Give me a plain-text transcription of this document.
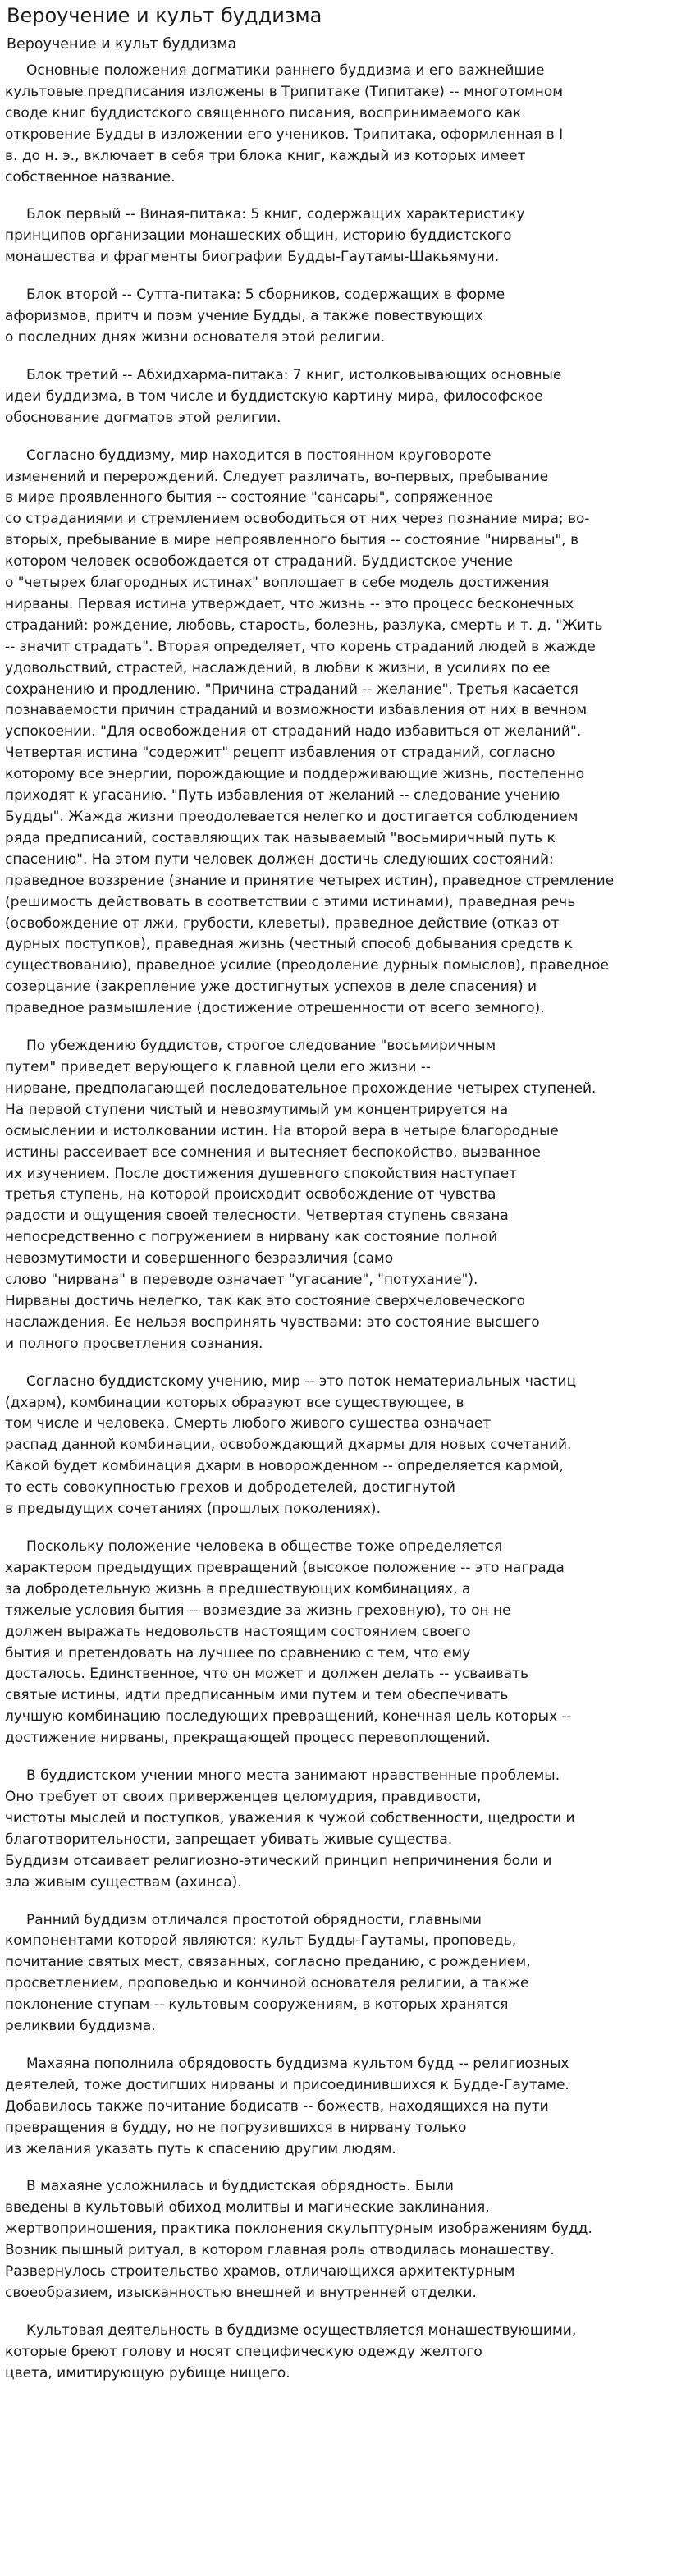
Вероучение и культ буддизма
Вероучение и культ буддизма

Основные положения догматики раннего буддизма и его важнейшие
культовые предписания изложены в Трипитаке (Типитаке) -- многотомном
своде книг буддистского священного писания, воспринимаемого как
откровение Будды в изложении его учеников. Трипитака, оформленная в I
в. до н. э., включает в себя три блока книг, каждый из которых имеет
собственное название.

Блок первый -- Виная-питака: 5 книг, содержащих характеристику
принципов организации монашеских общин, историю буддистского
монашества и фрагменты биографии Будды-Гаутамы-Шакьямуни.

Блок второй -- Сутта-питака: 5 сборников, содержащих в форме
афоризмов, притч и поэм учение Будды, а также повествующих
о последних днях жизни основателя этой религии.

Блок третий -- Абхидхарма-питака: 7 книг, истолковывающих основные
идеи буддизма, в том числе и буддистскую картину мира, философское
обоснование догматов этой религии.

Согласно буддизму, мир находится в постоянном круговороте
изменений и перерождений. Следует различать, во-первых, пребывание
в мире проявленного бытия -- состояние "сансары", сопряженное
со страданиями и стремлением освободиться от них через познание мира; во-
вторых, пребывание в мире непроявленного бытия -- состояние "нирваны", в
котором человек освобождается от страданий. Буддистское учение
о "четырех благородных истинах" воплощает в себе модель достижения
нирваны. Первая истина утверждает, что жизнь -- это процесс бесконечных
страданий: рождение, любовь, старость, болезнь, разлука, смерть и т. д. "Жить
-- значит страдать". Вторая определяет, что корень страданий людей в жажде
удовольствий, страстей, наслаждений, в любви к жизни, в усилиях по ее
сохранению и продлению. "Причина страданий -- желание". Третья касается
познаваемости причин страданий и возможности избавления от них в вечном
успокоении. "Для освобождения от страданий надо избавиться от желаний".
Четвертая истина "содержит" рецепт избавления от страданий, согласно
которому все энергии, порождающие и поддерживающие жизнь, постепенно
приходят к угасанию. "Путь избавления от желаний -- следование учению
Будды". Жажда жизни преодолевается нелегко и достигается соблюдением
ряда предписаний, составляющих так называемый "восьмиричный путь к
спасению". На этом пути человек должен достичь следующих состояний:
праведное воззрение (знание и принятие четырех истин), праведное стремление
(решимость действовать в соответствии с этими истинами), праведная речь
(освобождение от лжи, грубости, клеветы), праведное действие (отказ от
дурных поступков), праведная жизнь (честный способ добывания средств к
существованию), праведное усилие (преодоление дурных помыслов), праведное
созерцание (закрепление уже достигнутых успехов в деле спасения) и
праведное размышление (достижение отрешенности от всего земного).

По убеждению буддистов, строгое следование "восьмиричным
путем" приведет верующего к главной цели его жизни --
нирване, предполагающей последовательное прохождение четырех ступеней.
На первой ступени чистый и невозмутимый ум концентрируется на
осмыслении и истолковании истин. На второй вера в четыре благородные
истины рассеивает все сомнения и вытесняет беспокойство, вызванное
их изучением. После достижения душевного спокойствия наступает
третья ступень, на которой происходит освобождение от чувства
радости и ощущения своей телесности. Четвертая ступень связана
непосредственно с погружением в нирвану как состояние полной
невозмутимости и совершенного безразличия (само
слово "нирвана" в переводе означает "угасание", "потухание").
Нирваны достичь нелегко, так как это состояние сверхчеловеческого
наслаждения. Ее нельзя воспринять чувствами: это состояние высшего
и полного просветления сознания.

Согласно буддистскому учению, мир -- это поток нематериальных частиц
(дхарм), комбинации которых образуют все существующее, в
том числе и человека. Смерть любого живого существа означает
распад данной комбинации, освобождающий дхармы для новых сочетаний.
Какой будет комбинация дхарм в новорожденном -- определяется кармой,
то есть совокупностью грехов и добродетелей, достигнутой
в предыдущих сочетаниях (прошлых поколениях).

Поскольку положение человека в обществе тоже определяется
характером предыдущих превращений (высокое положение -- это награда
за добродетельную жизнь в предшествующих комбинациях, а
тяжелые условия бытия -- возмездие за жизнь греховную), то он не
должен выражать недовольств настоящим состоянием своего
бытия и претендовать на лучшее по сравнению с тем, что ему
досталось. Единственное, что он может и должен делать -- усваивать
святые истины, идти предписанным ими путем и тем обеспечивать
лучшую комбинацию последующих превращений, конечная цель которых --
достижение нирваны, прекращающей процесс перевоплощений.

В буддистском учении много места занимают нравственные проблемы.
Оно требует от своих приверженцев целомудрия, правдивости,
чистоты мыслей и поступков, уважения к чужой собственности, щедрости и
благотворительности, запрещает убивать живые существа.
Буддизм отсаивает религиозно-этический принцип непричинения боли и
зла живым существам (ахинса).

Ранний буддизм отличался простотой обрядности, главными
компонентами которой являются: культ Будды-Гаутамы, проповедь,
почитание святых мест, связанных, согласно преданию, с рождением,
просветлением, проповедью и кончиной основателя религии, а также
поклонение ступам -- культовым сооружениям, в которых хранятся
реликвии буддизма.

Махаяна пополнила обрядовость буддизма культом будд -- религиозных
деятелей, тоже достигших нирваны и присоединившихся к Будде-Гаутаме.
Добавилось также почитание бодисатв -- божеств, находящихся на пути
превращения в будду, но не погрузившихся в нирвану только
из желания указать путь к спасению другим людям.

В махаяне усложнилась и буддистская обрядность. Были
введены в культовый обиход молитвы и магические заклинания,
жертвоприношения, практика поклонения скульптурным изображениям будд.
Возник пышный ритуал, в котором главная роль отводилась монашеству.
Развернулось строительство храмов, отличающихся архитектурным
своеобразием, изысканностью внешней и внутренней отделки.

Культовая деятельность в буддизме осуществляется монашествующими,
которые бреют голову и носят специфическую одежду желтого
цвета, имитирующую рубище нищего.
